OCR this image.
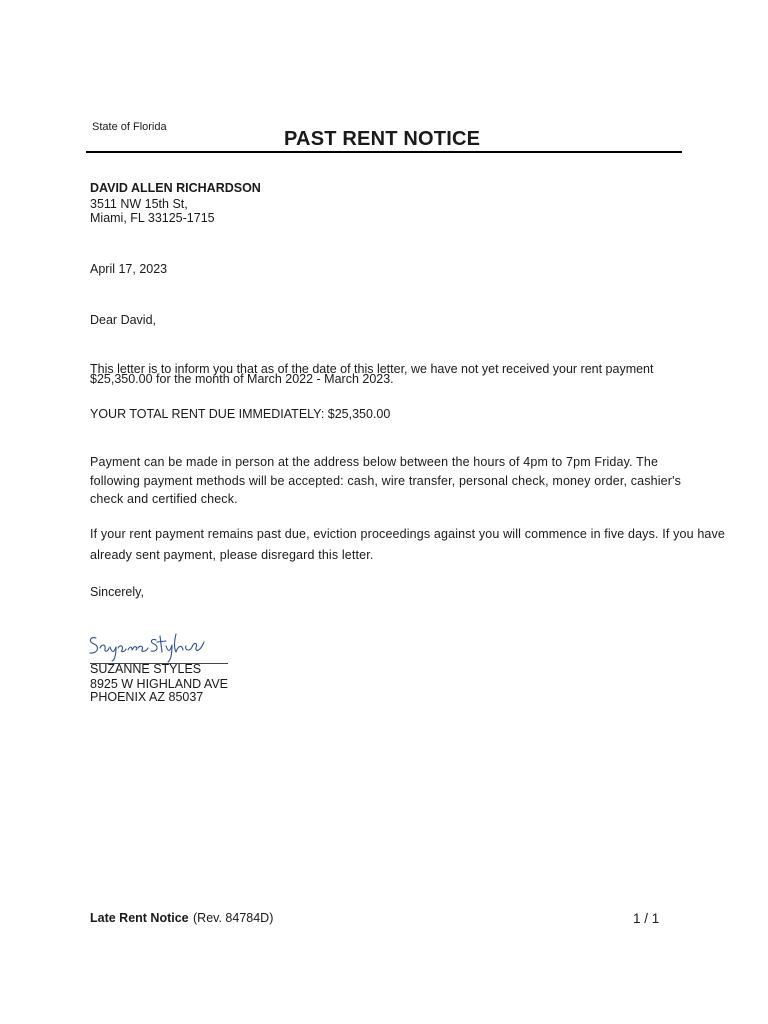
State of Florida
PAST RENT NOTICE
DAVID ALLEN RICHARDSON
3511 NW 15th St,
Miami, FL 33125-1715
April 17, 2023
Dear David,
This letter is to inform you that as of the date of this letter, we have not yet received your rent payment
$25,350.00 for the month of March 2022 - March 2023.
YOUR TOTAL RENT DUE IMMEDIATELY: $25,350.00
Payment can be made in person at the address below between the hours of 4pm to 7pm Friday. The
following payment methods will be accepted: cash, wire transfer, personal check, money order, cashier's
check and certified check.
If your rent payment remains past due, eviction proceedings against you will commence in five days. If you have
already sent payment, please disregard this letter.
Sincerely,
SUZANNE STYLES
8925 W HIGHLAND AVE
PHOENIX AZ 85037
Late Rent Notice (Rev. 84784D)	1 / 1
